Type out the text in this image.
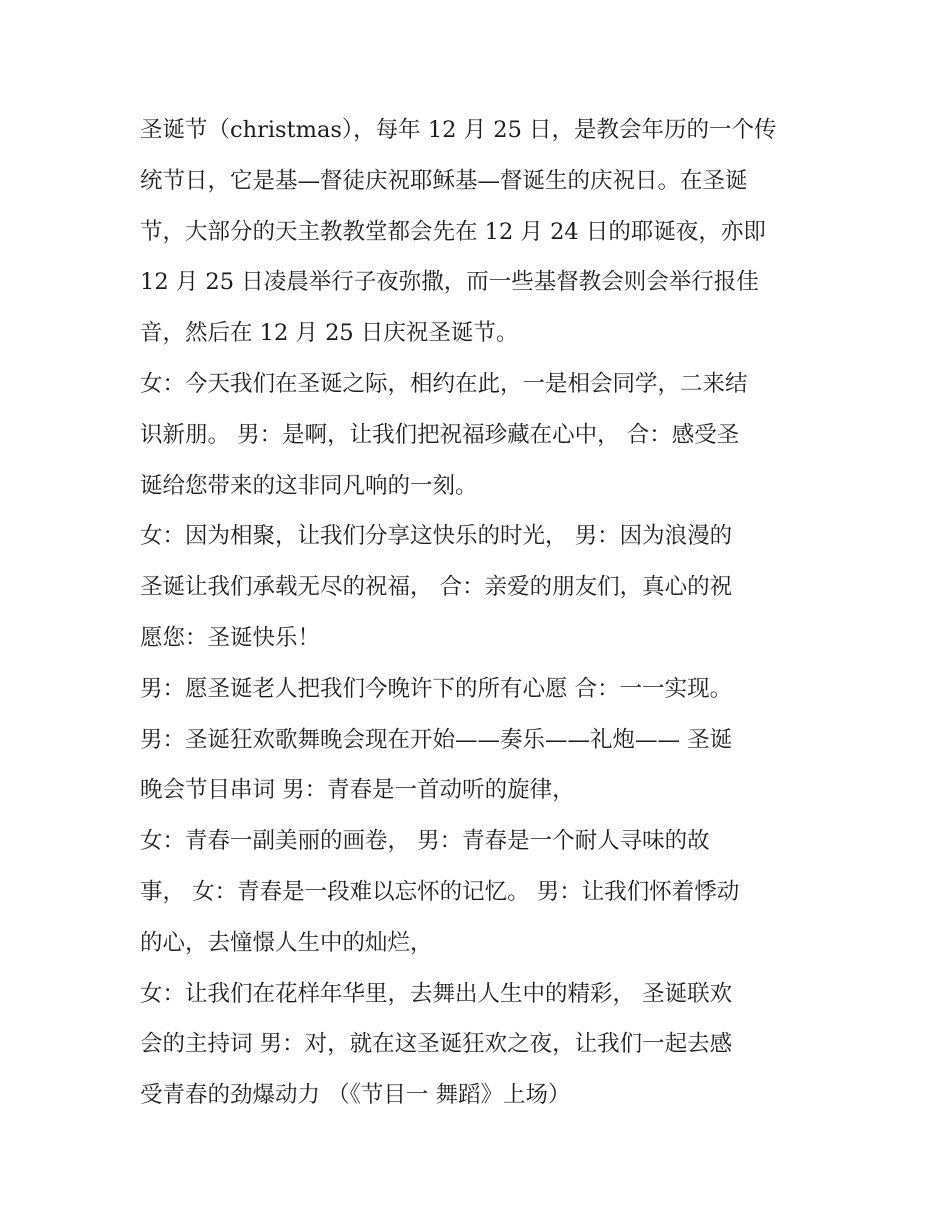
圣诞节（christmas），每年 12 月 25 日，是教会年历的一个传
统节日，它是基—督徒庆祝耶稣基—督诞生的庆祝日。在圣诞
节，大部分的天主教教堂都会先在 12 月 24 日的耶诞夜，亦即
12 月 25 日凌晨举行子夜弥撒，而一些基督教会则会举行报佳
音，然后在 12 月 25 日庆祝圣诞节。
女：今天我们在圣诞之际，相约在此，一是相会同学，二来结
识新朋。 男：是啊，让我们把祝福珍藏在心中， 合：感受圣
诞给您带来的这非同凡响的一刻。
女：因为相聚，让我们分享这快乐的时光， 男：因为浪漫的
圣诞让我们承载无尽的祝福， 合：亲爱的朋友们，真心的祝
愿您：圣诞快乐！
男：愿圣诞老人把我们今晚许下的所有心愿 合：一一实现。
男：圣诞狂欢歌舞晚会现在开始——奏乐——礼炮—— 圣诞
晚会节目串词 男：青春是一首动听的旋律，
女：青春一副美丽的画卷， 男：青春是一个耐人寻味的故
事， 女：青春是一段难以忘怀的记忆。 男：让我们怀着悸动
的心，去憧憬人生中的灿烂，
女：让我们在花样年华里，去舞出人生中的精彩， 圣诞联欢
会的主持词 男：对，就在这圣诞狂欢之夜，让我们一起去感
受青春的劲爆动力 （《节目一 舞蹈》上场）
